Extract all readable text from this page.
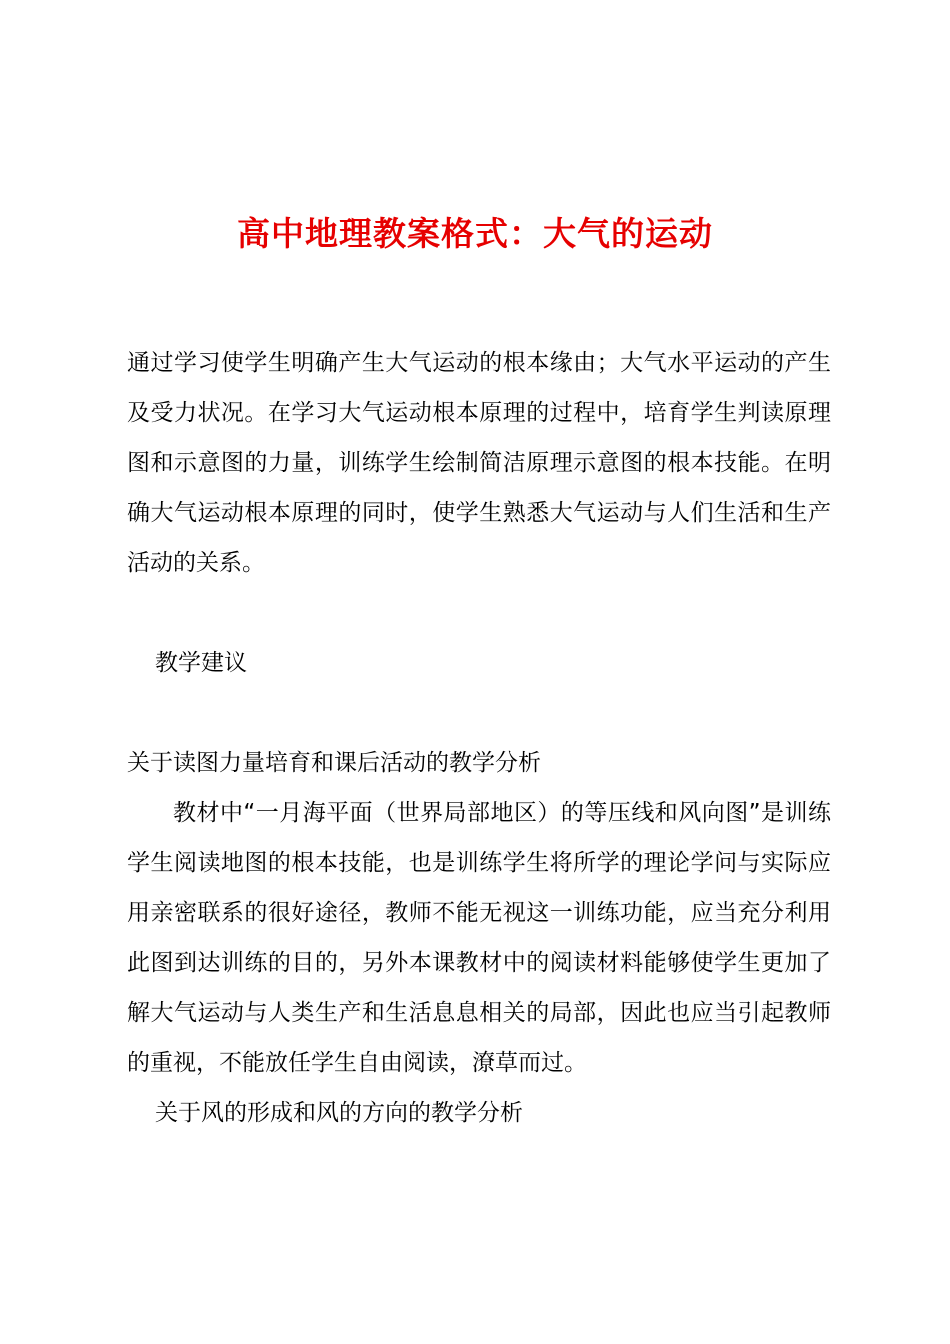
高中地理教案格式：大气的运动

通过学习使学生明确产生大气运动的根本缘由；大气水平运动的产生及受力状况。在学习大气运动根本原理的过程中，培育学生判读原理图和示意图的力量，训练学生绘制简洁原理示意图的根本技能。在明确大气运动根本原理的同时，使学生熟悉大气运动与人们生活和生产活动的关系。

教学建议

关于读图力量培育和课后活动的教学分析

教材中“一月海平面（世界局部地区）的等压线和风向图”是训练学生阅读地图的根本技能，也是训练学生将所学的理论学问与实际应用亲密联系的很好途径，教师不能无视这一训练功能，应当充分利用此图到达训练的目的，另外本课教材中的阅读材料能够使学生更加了解大气运动与人类生产和生活息息相关的局部，因此也应当引起教师的重视，不能放任学生自由阅读，潦草而过。

关于风的形成和风的方向的教学分析
